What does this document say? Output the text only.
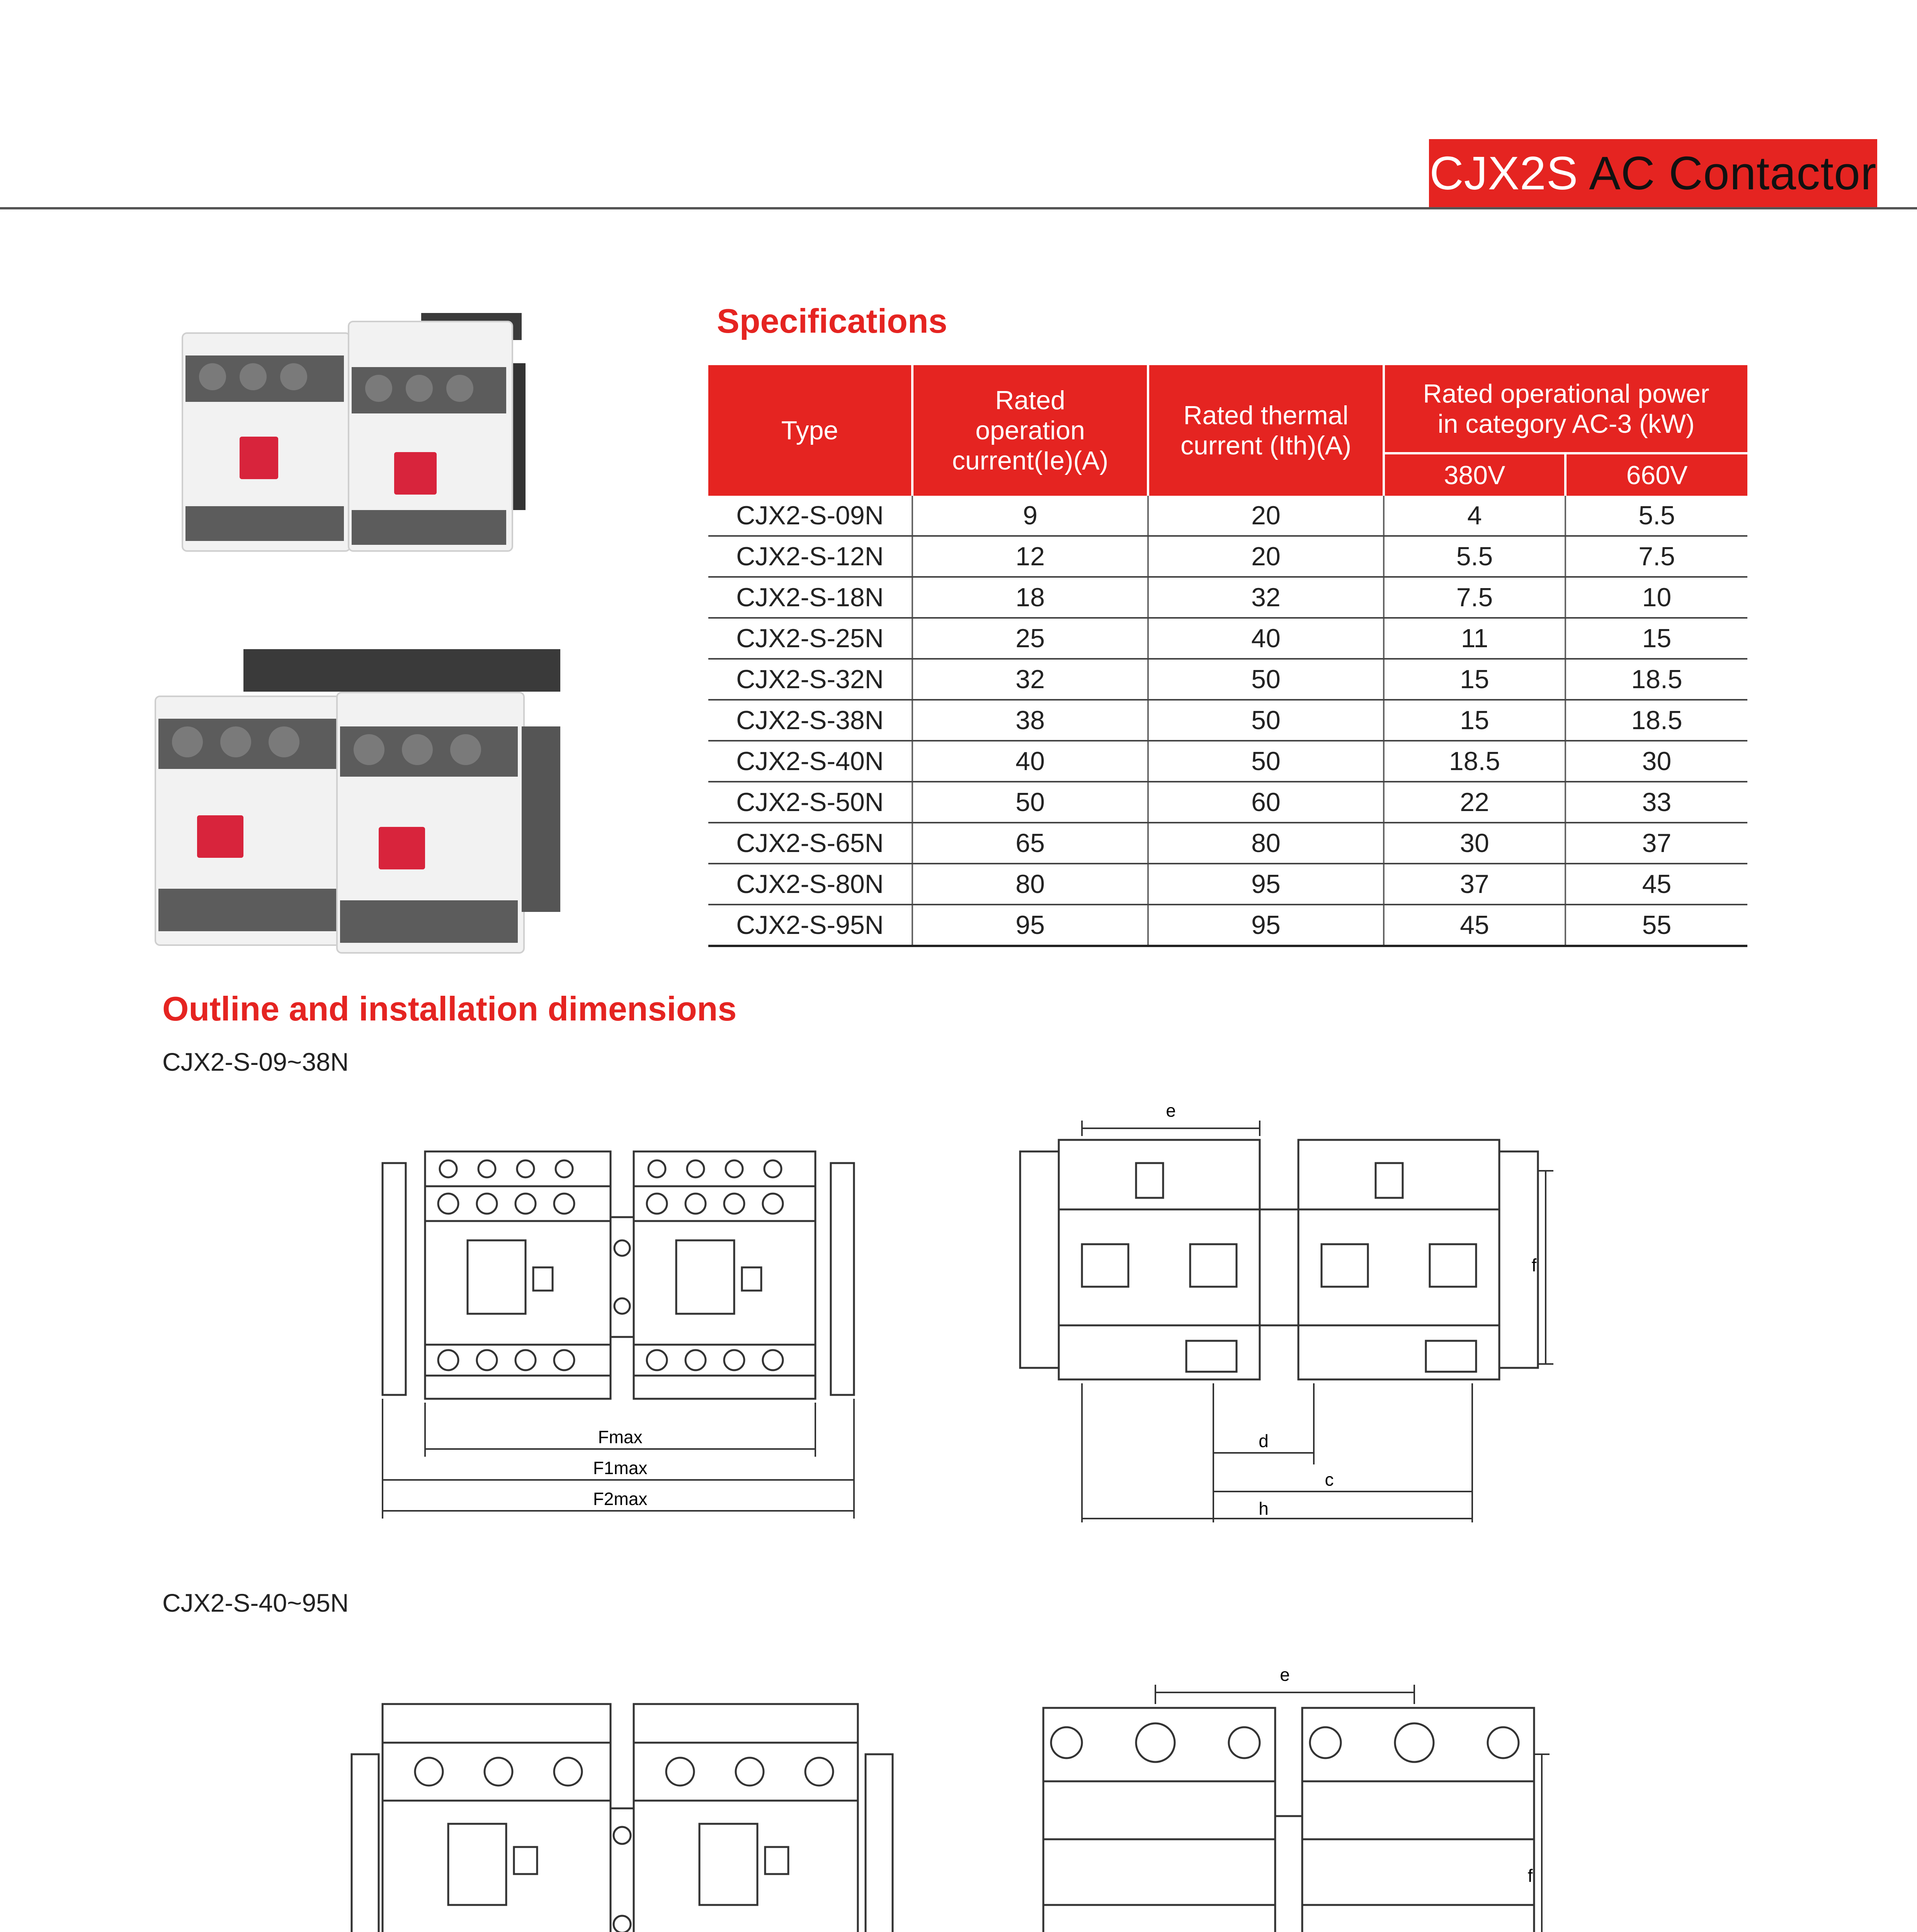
CJX2S AC Contactor
Specifications
Type	Rated operation current(Ie)(A)	Rated thermal current (Ith)(A)	Rated operational power in category AC-3 (kW)	
			380V	660V
CJX2-S-09N	9	20	4	5.5
CJX2-S-12N	12	20	5.5	7.5
CJX2-S-18N	18	32	7.5	10
CJX2-S-25N	25	40	11	15
CJX2-S-32N	32	50	15	18.5
CJX2-S-38N	38	50	15	18.5
CJX2-S-40N	40	50	18.5	30
CJX2-S-50N	50	60	22	33
CJX2-S-65N	65	80	30	37
CJX2-S-80N	80	95	37	45
CJX2-S-95N	95	95	45	55
Outline and installation dimensions
CJX2-S-09~38N
CJX2-S-40~95N
Fmax
F1max
F2max
e
f
d
c
h
e
f
